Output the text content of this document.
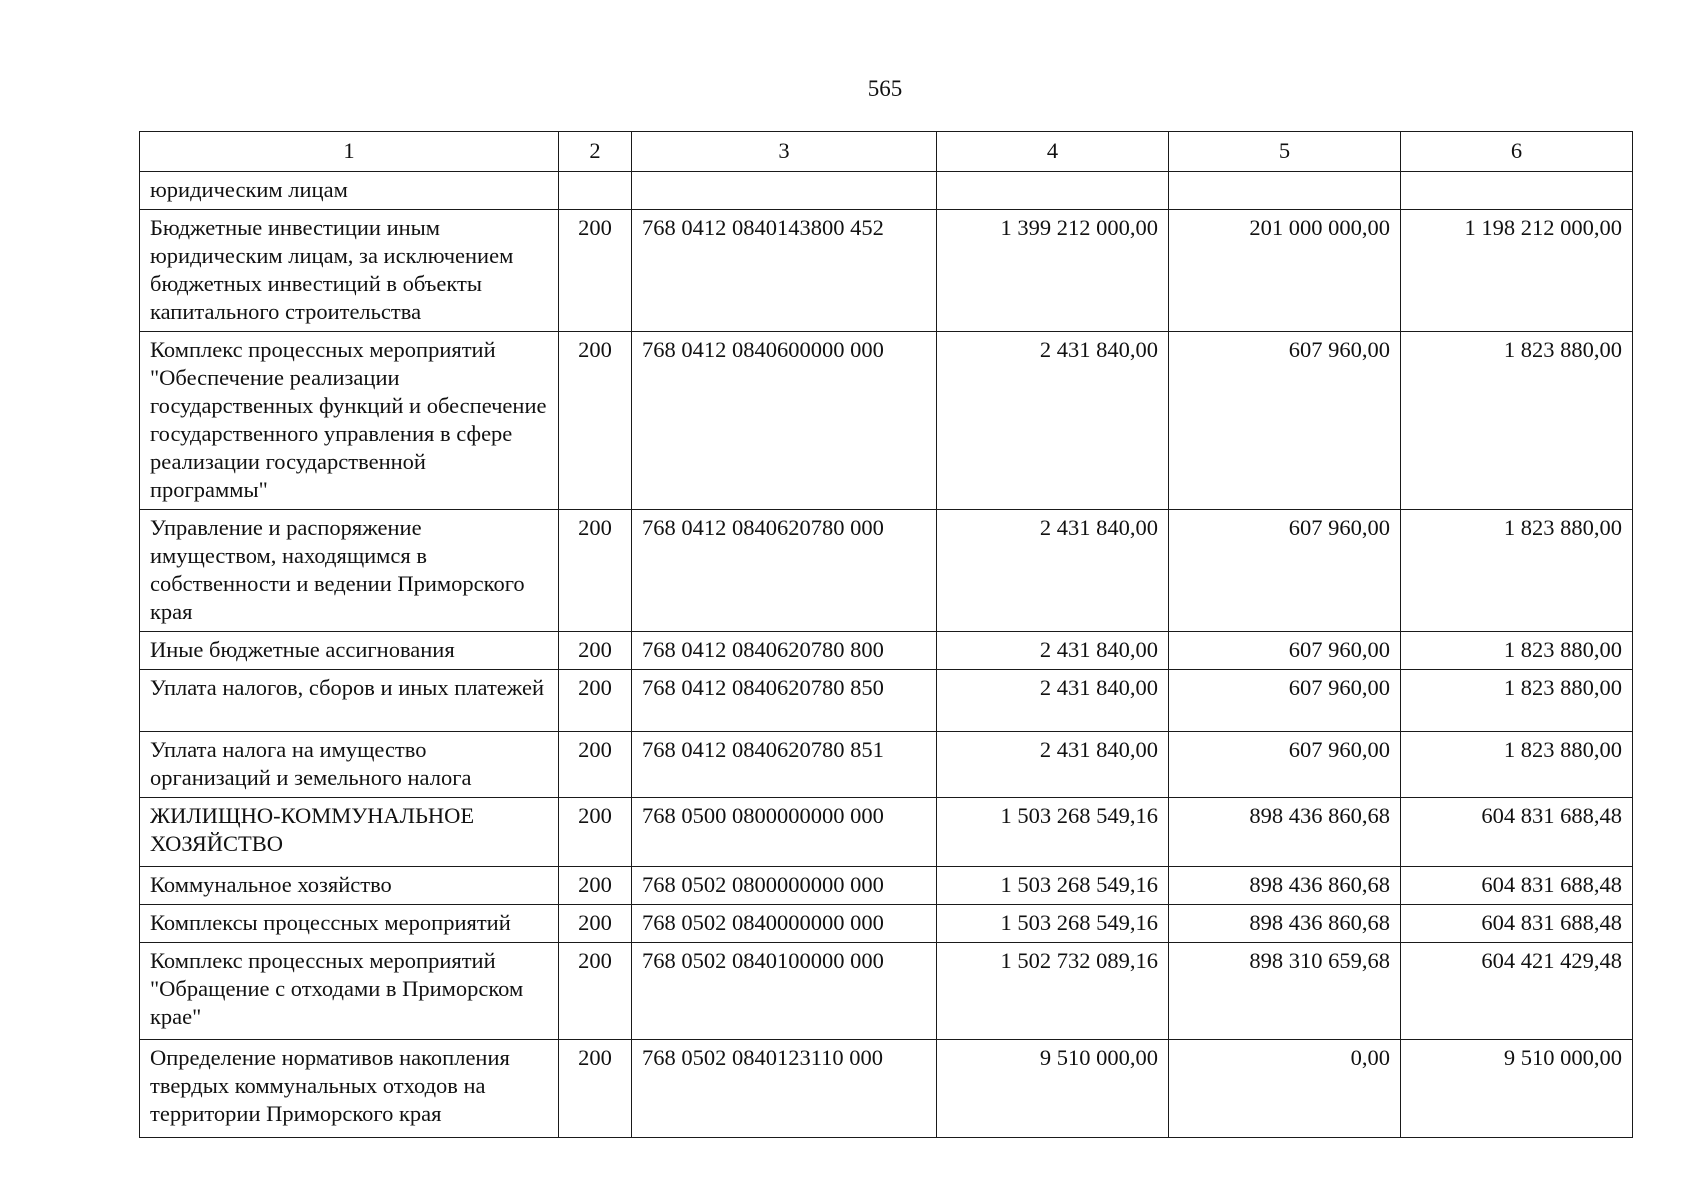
565
1	2	3	4	5	6
юридическим лицам					
Бюджетные инвестиции иным юридическим лицам, за исключением бюджетных инвестиций в объекты капитального строительства	200	768 0412 0840143800 452	1 399 212 000,00	201 000 000,00	1 198 212 000,00
Комплекс процессных мероприятий "Обеспечение реализации государственных функций и обеспечение государственного управления в сфере реализации государственной программы"	200	768 0412 0840600000 000	2 431 840,00	607 960,00	1 823 880,00
Управление и распоряжение имуществом, находящимся в собственности и ведении Приморского края	200	768 0412 0840620780 000	2 431 840,00	607 960,00	1 823 880,00
Иные бюджетные ассигнования	200	768 0412 0840620780 800	2 431 840,00	607 960,00	1 823 880,00
Уплата налогов, сборов и иных платежей	200	768 0412 0840620780 850	2 431 840,00	607 960,00	1 823 880,00
Уплата налога на имущество организаций и земельного налога	200	768 0412 0840620780 851	2 431 840,00	607 960,00	1 823 880,00
ЖИЛИЩНО-КОММУНАЛЬНОЕ ХОЗЯЙСТВО	200	768 0500 0800000000 000	1 503 268 549,16	898 436 860,68	604 831 688,48
Коммунальное хозяйство	200	768 0502 0800000000 000	1 503 268 549,16	898 436 860,68	604 831 688,48
Комплексы процессных мероприятий	200	768 0502 0840000000 000	1 503 268 549,16	898 436 860,68	604 831 688,48
Комплекс процессных мероприятий "Обращение с отходами в Приморском крае"	200	768 0502 0840100000 000	1 502 732 089,16	898 310 659,68	604 421 429,48
Определение нормативов накопления твердых коммунальных отходов на территории Приморского края	200	768 0502 0840123110 000	9 510 000,00	0,00	9 510 000,00
